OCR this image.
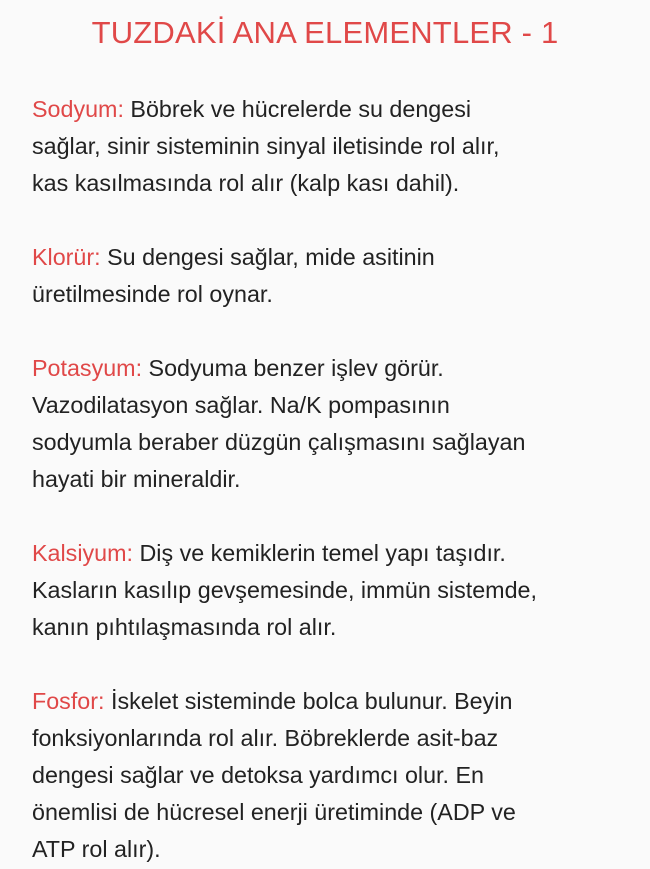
TUZDAKİ ANA ELEMENTLER - 1
Sodyum: Böbrek ve hücrelerde su dengesi
sağlar, sinir sisteminin sinyal iletisinde rol alır,
kas kasılmasında rol alır (kalp kası dahil).
Klorür: Su dengesi sağlar, mide asitinin
üretilmesinde rol oynar.
Potasyum: Sodyuma benzer işlev görür.
Vazodilatasyon sağlar. Na/K pompasının
sodyumla beraber düzgün çalışmasını sağlayan
hayati bir mineraldir.
Kalsiyum: Diş ve kemiklerin temel yapı taşıdır.
Kasların kasılıp gevşemesinde, immün sistemde,
kanın pıhtılaşmasında rol alır.
Fosfor: İskelet sisteminde bolca bulunur. Beyin
fonksiyonlarında rol alır. Böbreklerde asit-baz
dengesi sağlar ve detoksa yardımcı olur. En
önemlisi de hücresel enerji üretiminde (ADP ve
ATP rol alır).
